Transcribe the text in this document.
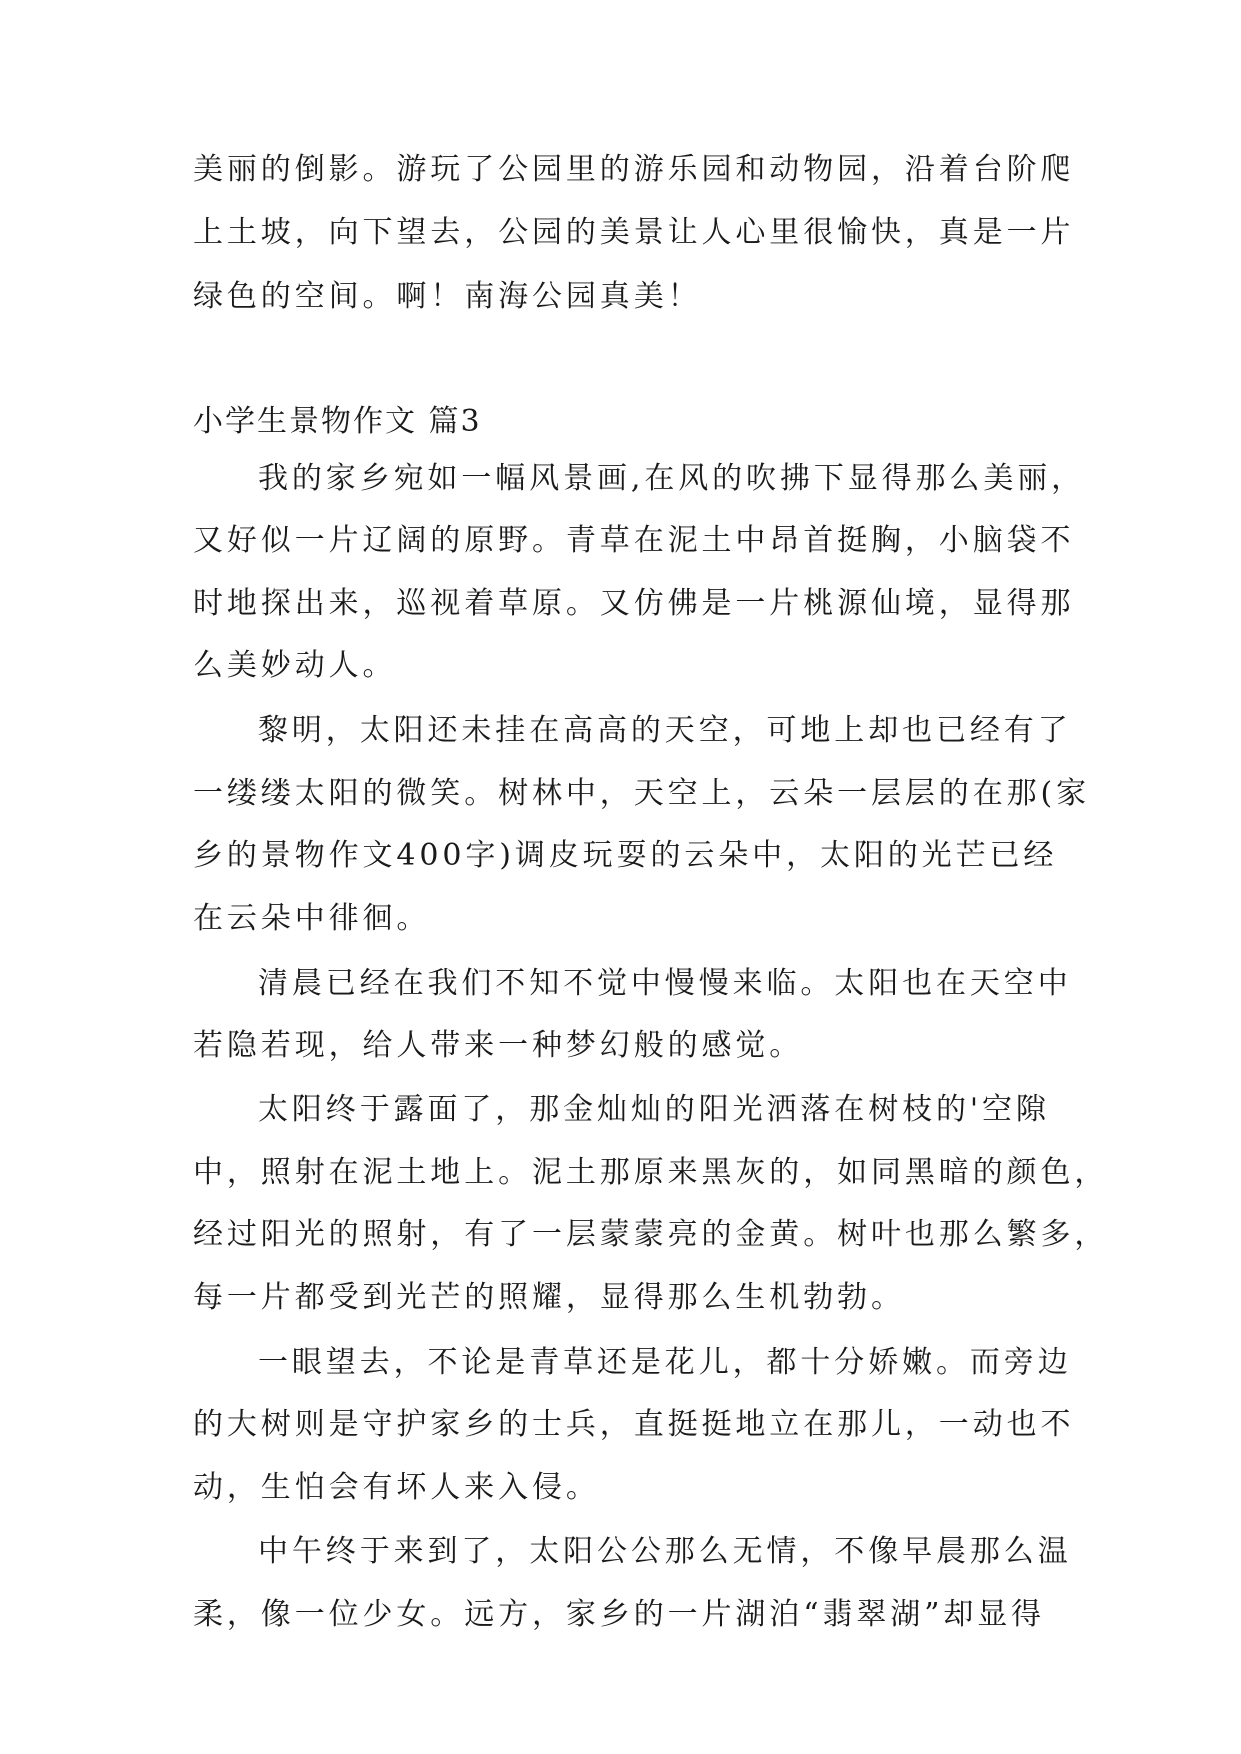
美丽的倒影。游玩了公园里的游乐园和动物园，沿着台阶爬
上土坡，向下望去，公园的美景让人心里很愉快，真是一片
绿色的空间。啊！南海公园真美！
小学生景物作文 篇3
我的家乡宛如一幅风景画,在风的吹拂下显得那么美丽，
又好似一片辽阔的原野。青草在泥土中昂首挺胸，小脑袋不
时地探出来，巡视着草原。又仿佛是一片桃源仙境，显得那
么美妙动人。
黎明，太阳还未挂在高高的天空，可地上却也已经有了
一缕缕太阳的微笑。树林中，天空上，云朵一层层的在那(家
乡的景物作文400字)调皮玩耍的云朵中，太阳的光芒已经
在云朵中徘徊。
清晨已经在我们不知不觉中慢慢来临。太阳也在天空中
若隐若现，给人带来一种梦幻般的感觉。
太阳终于露面了，那金灿灿的阳光洒落在树枝的'空隙
中，照射在泥土地上。泥土那原来黑灰的，如同黑暗的颜色，
经过阳光的照射，有了一层蒙蒙亮的金黄。树叶也那么繁多，
每一片都受到光芒的照耀，显得那么生机勃勃。
一眼望去，不论是青草还是花儿，都十分娇嫩。而旁边
的大树则是守护家乡的士兵，直挺挺地立在那儿，一动也不
动，生怕会有坏人来入侵。
中午终于来到了，太阳公公那么无情，不像早晨那么温
柔，像一位少女。远方，家乡的一片湖泊“翡翠湖”却显得
